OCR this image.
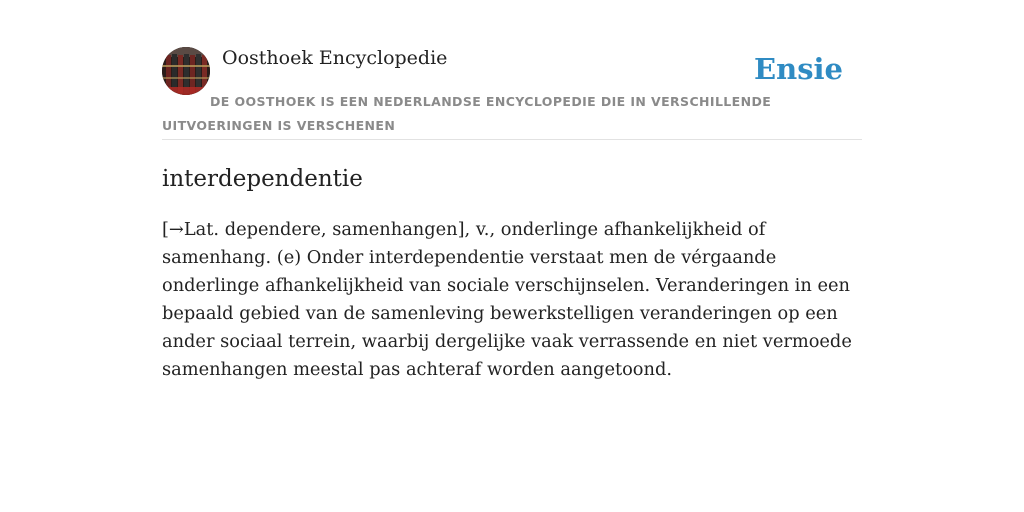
Oosthoek Encyclopedie	Ensie

DE OOSTHOEK IS EEN NEDERLANDSE ENCYCLOPEDIE DIE IN VERSCHILLENDE UITVOERINGEN IS VERSCHENEN

interdependentie

[→Lat. dependere, samenhangen], v., onderlinge afhankelijkheid of samenhang. (e) Onder interdependentie verstaat men de vérgaande onderlinge afhankelijkheid van sociale verschijnselen. Veranderingen in een bepaald gebied van de samenleving bewerkstelligen veranderingen op een ander sociaal terrein, waarbij dergelijke vaak verrassende en niet vermoede samenhangen meestal pas achteraf worden aangetoond.
